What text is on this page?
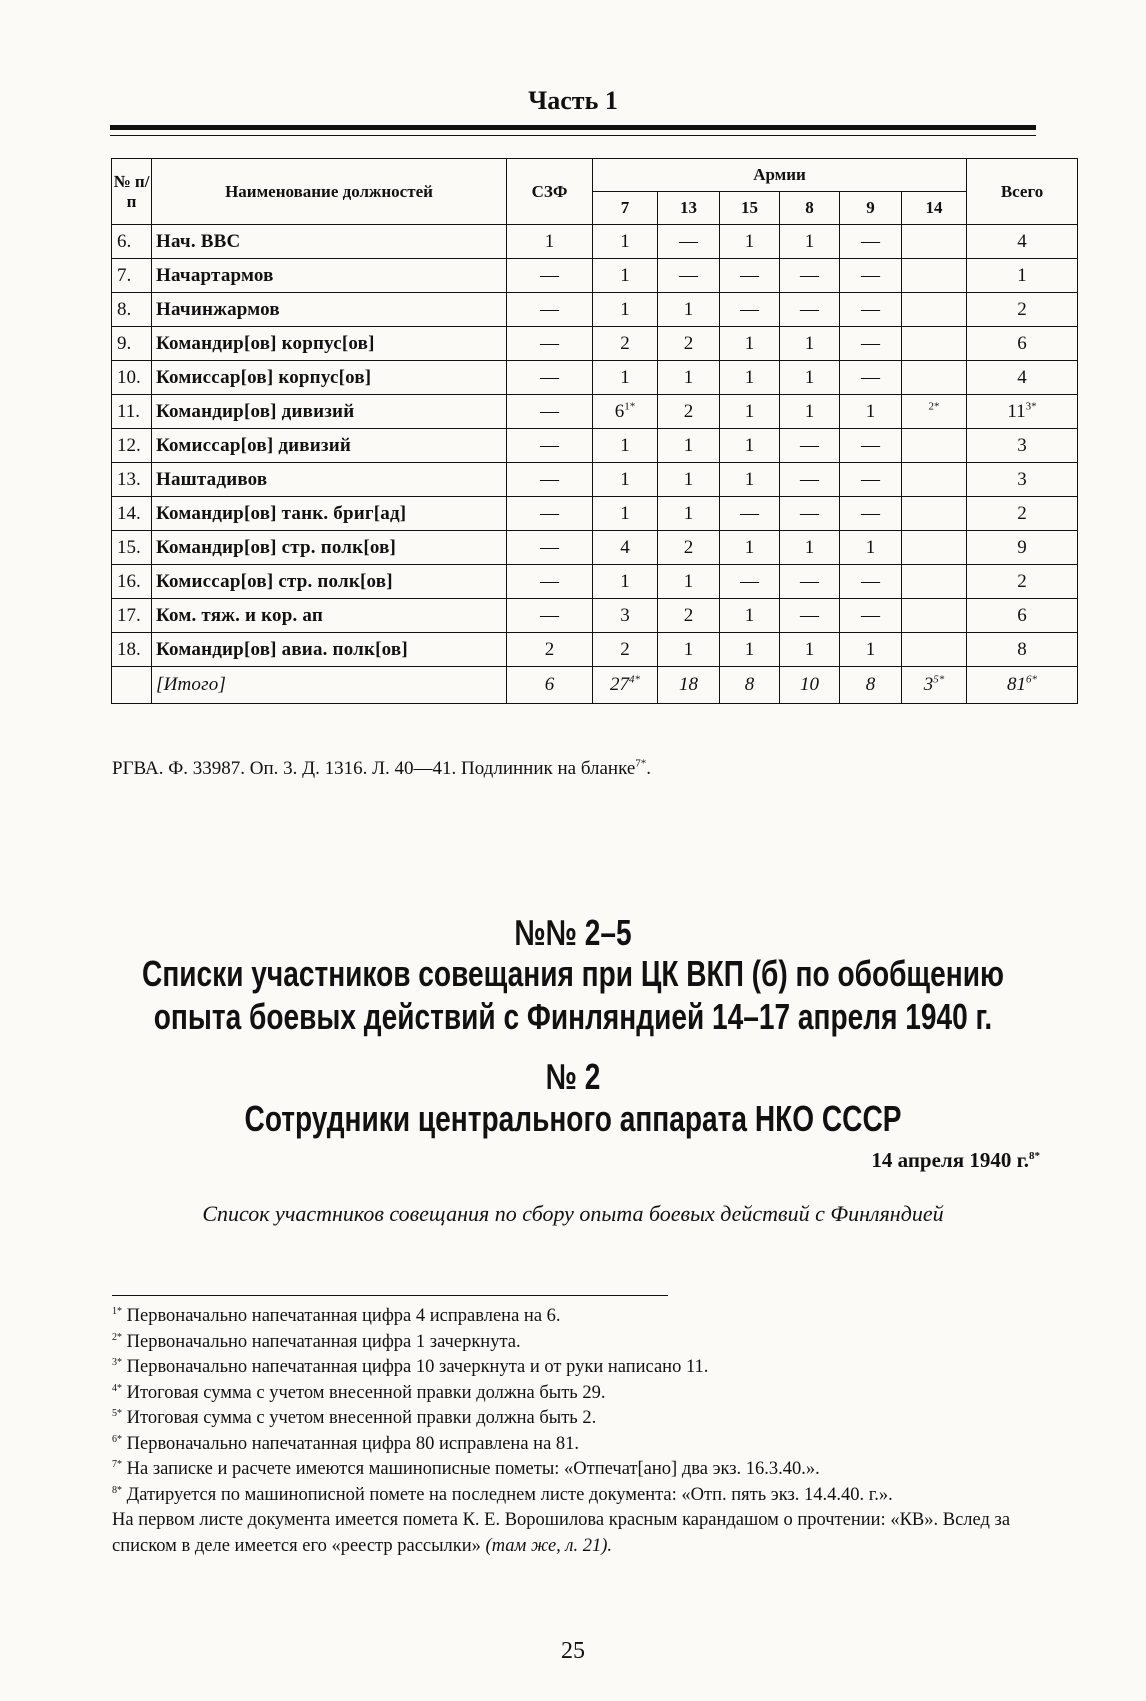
Часть 1
№ п/п	Наименование должностей	СЗФ	Армии						Всего
			7	13	15	8	9	14	
6.	Нач. ВВС	1	1	—	1	1	—		4
7.	Начартармов	—	1	—	—	—	—		1
8.	Начинжармов	—	1	1	—	—	—		2
9.	Командир[ов] корпус[ов]	—	2	2	1	1	—		6
10.	Комиссар[ов] корпус[ов]	—	1	1	1	1	—		4
11.	Командир[ов] дивизий	—	$6^{1*}$	2	1	1	1	$^{2*}$	$11^{3*}$
12.	Комиссар[ов] дивизий	—	1	1	1	—	—		3
13.	Наштадивов	—	1	1	1	—	—		3
14.	Командир[ов] танк. бриг[ад]	—	1	1	—	—	—		2
15.	Командир[ов] стр. полк[ов]	—	4	2	1	1	1		9
16.	Комиссар[ов] стр. полк[ов]	—	1	1	—	—	—		2
17.	Ком. тяж. и кор. ап	—	3	2	1	—	—		6
18.	Командир[ов] авиа. полк[ов]	2	2	1	1	1	1		8
	[Итого]	6	$27^{4*}$	18	8	10	8	$3^{5*}$	$81^{6*}$
РГВА. Ф. 33987. Оп. 3. Д. 1316. Л. 40—41. Подлинник на бланке$^{7*}$.
№№ 2–5
Списки участников совещания при ЦК ВКП (б) по обобщению
опыта боевых действий с Финляндией 14–17 апреля 1940 г.
№ 2
Сотрудники центрального аппарата НКО СССР
14 апреля 1940 г.$^{8*}$
Список участников совещания по сбору опыта боевых действий с Финляндией
$^{1*}$ Первоначально напечатанная цифра 4 исправлена на 6.
$^{2*}$ Первоначально напечатанная цифра 1 зачеркнута.
$^{3*}$ Первоначально напечатанная цифра 10 зачеркнута и от руки написано 11.
$^{4*}$ Итоговая сумма с учетом внесенной правки должна быть 29.
$^{5*}$ Итоговая сумма с учетом внесенной правки должна быть 2.
$^{6*}$ Первоначально напечатанная цифра 80 исправлена на 81.
$^{7*}$ На записке и расчете имеются машинописные пометы: «Отпечат[ано] два экз. 16.3.40.».
$^{8*}$ Датируется по машинописной помете на последнем листе документа: «Отп. пять экз. 14.4.40. г.».
На первом листе документа имеется помета К. Е. Ворошилова красным карандашом о прочтении: «КВ». Вслед за списком в деле имеется его «реестр рассылки» (там же, л. 21).
25
